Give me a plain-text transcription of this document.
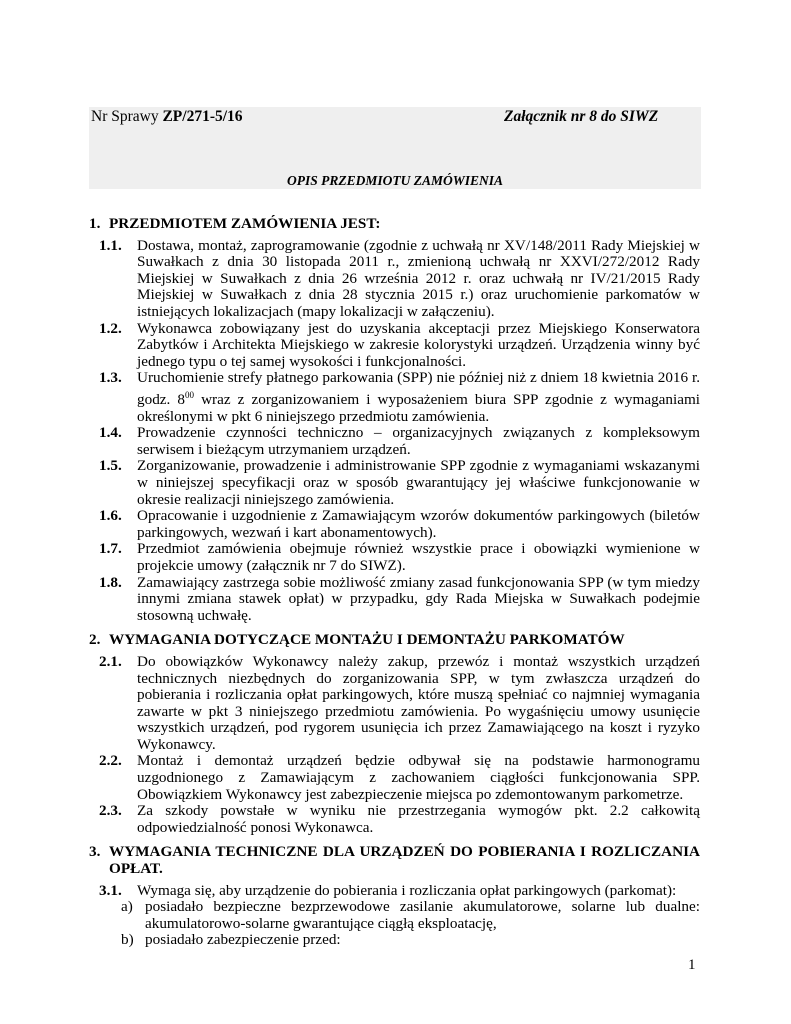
Nr Sprawy ZP/271-5/16	Załącznik nr 8 do SIWZ
OPIS PRZEDMIOTU ZAMÓWIENIA
1. PRZEDMIOTEM ZAMÓWIENIA JEST:
1.1.	Dostawa, montaż, zaprogramowanie (zgodnie z uchwałą nr XV/148/2011 Rady Miejskiej w Suwałkach z dnia 30 listopada 2011 r., zmienioną uchwałą nr XXVI/272/2012 Rady Miejskiej w Suwałkach z dnia 26 września 2012 r. oraz uchwałą nr IV/21/2015 Rady Miejskiej w Suwałkach z dnia 28 stycznia 2015 r.) oraz uruchomienie parkomatów w istniejących lokalizacjach (mapy lokalizacji w załączeniu).
1.2.	Wykonawca zobowiązany jest do uzyskania akceptacji przez Miejskiego Konserwatora Zabytków i Architekta Miejskiego w zakresie kolorystyki urządzeń. Urządzenia winny być jednego typu o tej samej wysokości i funkcjonalności.
1.3.	Uruchomienie strefy płatnego parkowania (SPP) nie później niż z dniem 18 kwietnia 2016 r. godz. $8^{00}$ wraz z zorganizowaniem i wyposażeniem biura SPP zgodnie z wymaganiami określonymi w pkt 6 niniejszego przedmiotu zamówienia.
1.4.	Prowadzenie czynności techniczno – organizacyjnych związanych z kompleksowym serwisem i bieżącym utrzymaniem urządzeń.
1.5.	Zorganizowanie, prowadzenie i administrowanie SPP zgodnie z wymaganiami wskazanymi w niniejszej specyfikacji oraz w sposób gwarantujący jej właściwe funkcjonowanie w okresie realizacji niniejszego zamówienia.
1.6.	Opracowanie i uzgodnienie z Zamawiającym wzorów dokumentów parkingowych (biletów parkingowych, wezwań i kart abonamentowych).
1.7.	Przedmiot zamówienia obejmuje również wszystkie prace i obowiązki wymienione w projekcie umowy (załącznik nr 7 do SIWZ).
1.8.	Zamawiający zastrzega sobie możliwość zmiany zasad funkcjonowania SPP (w tym miedzy innymi zmiana stawek opłat) w przypadku, gdy Rada Miejska w Suwałkach podejmie stosowną uchwałę.
2. WYMAGANIA DOTYCZĄCE MONTAŻU I DEMONTAŻU PARKOMATÓW
2.1.	Do obowiązków Wykonawcy należy zakup, przewóz i montaż wszystkich urządzeń technicznych niezbędnych do zorganizowania SPP, w tym zwłaszcza urządzeń do pobierania i rozliczania opłat parkingowych, które muszą spełniać co najmniej wymagania zawarte w pkt 3 niniejszego przedmiotu zamówienia. Po wygaśnięciu umowy usunięcie wszystkich urządzeń, pod rygorem usunięcia ich przez Zamawiającego na koszt i ryzyko Wykonawcy.
2.2.	Montaż i demontaż urządzeń będzie odbywał się na podstawie harmonogramu uzgodnionego z Zamawiającym z zachowaniem ciągłości funkcjonowania SPP. Obowiązkiem Wykonawcy jest zabezpieczenie miejsca po zdemontowanym parkometrze.
2.3.	Za szkody powstałe w wyniku nie przestrzegania wymogów pkt. 2.2 całkowitą odpowiedzialność ponosi Wykonawca.
3. WYMAGANIA TECHNICZNE DLA URZĄDZEŃ DO POBIERANIA I ROZLICZANIA OPŁAT.
3.1.	Wymaga się, aby urządzenie do pobierania i rozliczania opłat parkingowych (parkomat):
a) posiadało bezpieczne bezprzewodowe zasilanie akumulatorowe, solarne lub dualne: akumulatorowo-solarne gwarantujące ciągłą eksploatację,
b) posiadało zabezpieczenie przed:
1
